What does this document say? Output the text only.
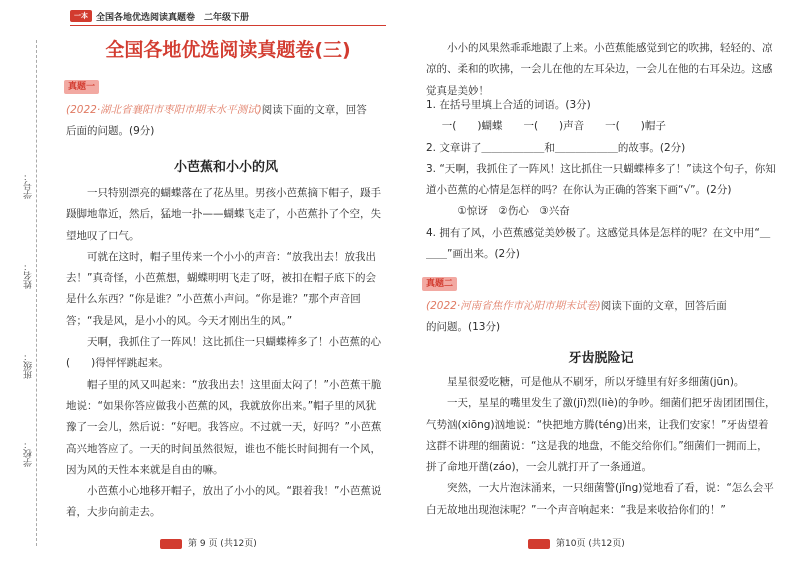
学号：
姓名：
班级：
学校：
一本 全国各地优选阅读真题卷　二年级下册
全国各地优选阅读真题卷(三)
真题一

(2022·湖北省襄阳市枣阳市期末水平测试)阅读下面的文章，回答

后面的问题。(9分)

小芭蕉和小小的风

一只特别漂亮的蝴蝶落在了花丛里。男孩小芭蕉摘下帽子，蹑手蹑脚地靠近，然后，猛地一扑——蝴蝶飞走了，小芭蕉扑了个空，失望地叹了口气。

可就在这时，帽子里传来一个小小的声音：“放我出去！放我出去！”真奇怪，小芭蕉想，蝴蝶明明飞走了呀，被扣在帽子底下的会是什么东西？“你是谁？”小芭蕉小声问。“你是谁？”那个声音回答；“我是风，是小小的风。今天才刚出生的风。”

天啊，我抓住了一阵风！这比抓住一只蝴蝶棒多了！小芭蕉的心(　　)得怦怦跳起来。

帽子里的风又叫起来：“放我出去！这里面太闷了！”小芭蕉干脆地说：“如果你答应做我小芭蕉的风，我就放你出来。”帽子里的风犹豫了一会儿，然后说：“好吧。我答应。不过就一天，好吗？”小芭蕉高兴地答应了。一天的时间虽然很短，谁也不能长时间拥有一个风，因为风的天性本来就是自由的嘛。

小芭蕉小心地移开帽子，放出了小小的风。“跟着我！”小芭蕉说着，大步向前走去。

第 9 页 (共12页)

小小的风果然乖乖地跟了上来。小芭蕉能感觉到它的吹拂，轻轻的、凉凉的、柔和的吹拂，一会儿在他的左耳朵边，一会儿在他的右耳朵边。这感觉真是美妙！

1. 在括号里填上合适的词语。(3分)

一(　　)蝴蝶　　一(　　)声音　　一(　　)帽子

2. 文章讲了＿＿＿＿＿＿和＿＿＿＿＿＿的故事。(2分)

3. “天啊，我抓住了一阵风！这比抓住一只蝴蝶棒多了！”读这个句子，你知道小芭蕉的心情是怎样的吗？在你认为正确的答案下画“√”。(2分)

①惊讶　②伤心　③兴奋

4. 拥有了风，小芭蕉感觉美妙极了。这感觉具体是怎样的呢？在文中用“＿＿＿”画出来。(2分)

真题二

(2022·河南省焦作市沁阳市期末试卷)阅读下面的文章，回答后面

的问题。(13分)

牙齿脱险记

星星很爱吃糖，可是他从不刷牙，所以牙缝里有好多细菌(jūn)。

一天，星星的嘴里发生了激(jī)烈(liè)的争吵。细菌们把牙齿团团围住，气势汹(xiōng)汹地说：“快把地方腾(téng)出来，让我们安家！”牙齿望着这群不讲理的细菌说：“这是我的地盘，不能交给你们。”细菌们一拥而上，拼了命地开凿(záo)，一会儿就打开了一条通道。

突然，一大片泡沫涌来，一只细菌警(jǐng)觉地看了看，说：“怎么会平白无故地出现泡沫呢？”一个声音响起来：“我是来收拾你们的！”

第10页 (共12页)
